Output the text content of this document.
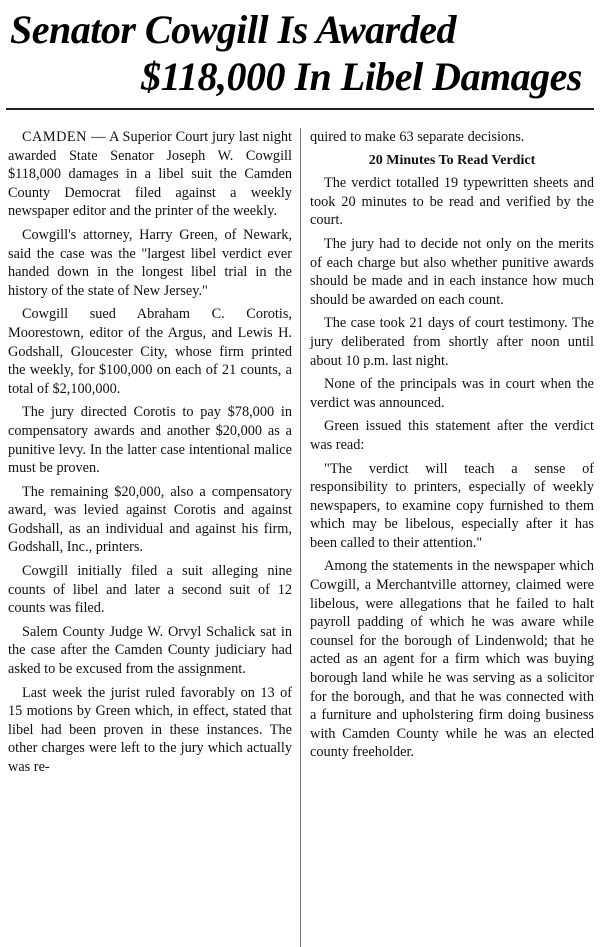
Senator Cowgill Is Awarded
$118,000 In Libel Damages

CAMDEN — A Superior Court jury last night awarded State Senator Joseph W. Cowgill $118,000 damages in a libel suit the Camden County Democrat filed against a weekly newspaper editor and the printer of the weekly.

Cowgill's attorney, Harry Green, of Newark, said the case was the "largest libel verdict ever handed down in the longest libel trial in the history of the state of New Jersey."

Cowgill sued Abraham C. Corotis, Moorestown, editor of the Argus, and Lewis H. Godshall, Gloucester City, whose firm printed the weekly, for $100,000 on each of 21 counts, a total of $2,100,000.

The jury directed Corotis to pay $78,000 in compensatory awards and another $20,000 as a punitive levy. In the latter case intentional malice must be proven.

The remaining $20,000, also a compensatory award, was levied against Corotis and against Godshall, as an individual and against his firm, Godshall, Inc., printers.

Cowgill initially filed a suit alleging nine counts of libel and later a second suit of 12 counts was filed.

Salem County Judge W. Orvyl Schalick sat in the case after the Camden County judiciary had asked to be excused from the assignment.

Last week the jurist ruled favorably on 13 of 15 motions by Green which, in effect, stated that libel had been proven in these instances. The other charges were left to the jury which actually was re-

quired to make 63 separate decisions.

20 Minutes To Read Verdict

The verdict totalled 19 typewritten sheets and took 20 minutes to be read and verified by the court.

The jury had to decide not only on the merits of each charge but also whether punitive awards should be made and in each instance how much should be awarded on each count.

The case took 21 days of court testimony. The jury deliberated from shortly after noon until about 10 p.m. last night.

None of the principals was in court when the verdict was announced.

Green issued this statement after the verdict was read:

"The verdict will teach a sense of responsibility to printers, especially of weekly newspapers, to examine copy furnished to them which may be libelous, especially after it has been called to their attention."

Among the statements in the newspaper which Cowgill, a Merchantville attorney, claimed were libelous, were allegations that he failed to halt payroll padding of which he was aware while counsel for the borough of Lindenwold; that he acted as an agent for a firm which was buying borough land while he was serving as a solicitor for the borough, and that he was connected with a furniture and upholstering firm doing business with Camden County while he was an elected county freeholder.
